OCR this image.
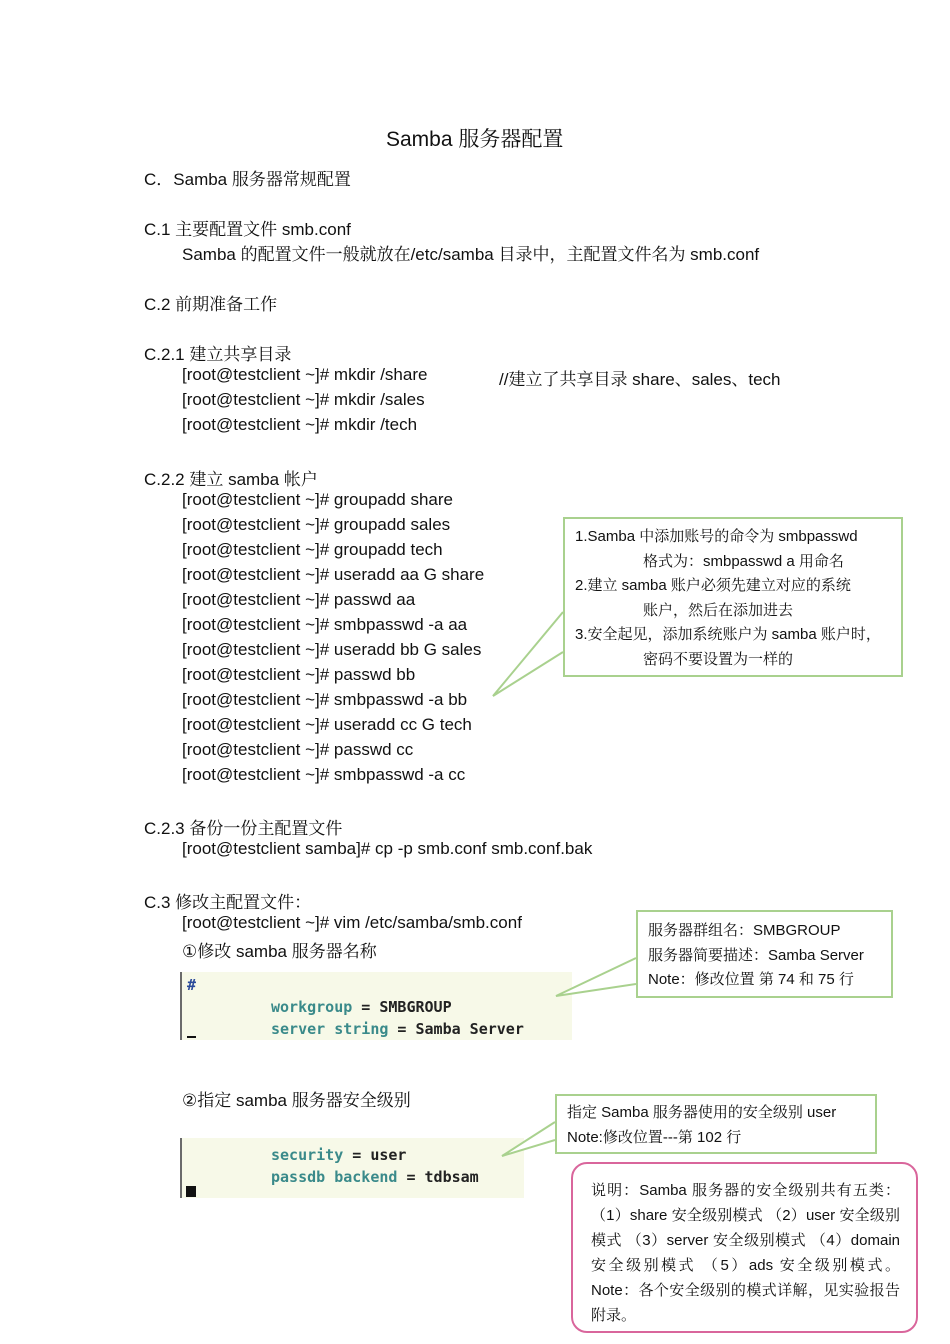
Samba 服务器配置
C．Samba 服务器常规配置
C.1 主要配置文件 smb.conf
Samba 的配置文件一般就放在/etc/samba 目录中，主配置文件名为 smb.conf
C.2 前期准备工作
C.2.1 建立共享目录
[root@testclient ~]# mkdir /share	//建立了共享目录 share、sales、tech
[root@testclient ~]# mkdir /sales
[root@testclient ~]# mkdir /tech
C.2.2 建立 samba 帐户
[root@testclient ~]# groupadd share
[root@testclient ~]# groupadd sales
[root@testclient ~]# groupadd tech
[root@testclient ~]# useradd aa G share
[root@testclient ~]# passwd aa
[root@testclient ~]# smbpasswd -a aa
[root@testclient ~]# useradd bb G sales
[root@testclient ~]# passwd bb
[root@testclient ~]# smbpasswd -a bb
[root@testclient ~]# useradd cc G tech
[root@testclient ~]# passwd cc
[root@testclient ~]# smbpasswd -a cc
C.2.3 备份一份主配置文件
[root@testclient samba]# cp -p smb.conf smb.conf.bak
C.3 修改主配置文件：
[root@testclient ~]# vim /etc/samba/smb.conf
①修改 samba 服务器名称
#
workgroup = SMBGROUP
server string = Samba Server
②指定 samba 服务器安全级别
security = user
passdb backend = tdbsam
1.Samba 中添加账号的命令为 smbpasswd
格式为：smbpasswd a 用命名
2.建立 samba 账户必须先建立对应的系统
账户，然后在添加进去
3.安全起见，添加系统账户为 samba 账户时，
密码不要设置为一样的
服务器群组名：SMBGROUP
服务器简要描述：Samba Server
Note：修改位置 第 74 和 75 行
指定 Samba 服务器使用的安全级别 user
Note:修改位置---第 102 行
说明：Samba 服务器的安全级别共有五类：（1）share 安全级别模式 （2）user 安全级别模式 （3）server 安全级别模式 （4）domain 安全级别模式 （5）ads 安全级别模式。Note：各个安全级别的模式详解，见实验报告附录。
